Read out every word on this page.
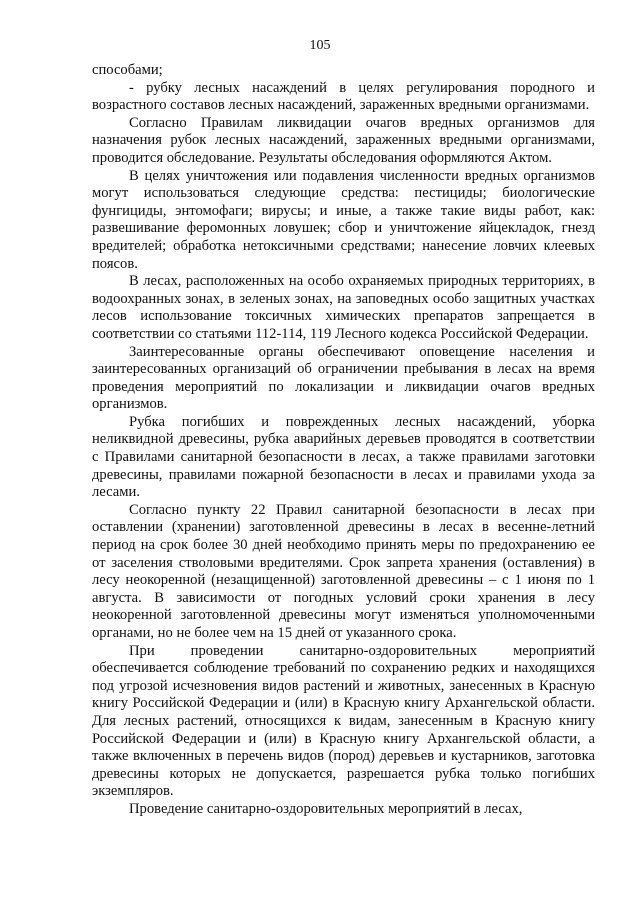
105

способами;

- рубку лесных насаждений в целях регулирования породного и возрастного составов лесных насаждений, зараженных вредными организмами.

Согласно Правилам ликвидации очагов вредных организмов для назначения рубок лесных насаждений, зараженных вредными организмами, проводится обследование. Результаты обследования оформляются Актом.

В целях уничтожения или подавления численности вредных организмов могут использоваться следующие средства: пестициды; биологические фунгициды, энтомофаги; вирусы; и иные, а также такие виды работ, как: развешивание феромонных ловушек; сбор и уничтожение яйцекладок, гнезд вредителей; обработка нетоксичными средствами; нанесение ловчих клеевых поясов.

В лесах, расположенных на особо охраняемых природных территориях, в водоохранных зонах, в зеленых зонах, на заповедных особо защитных участках лесов использование токсичных химических препаратов запрещается в соответствии со статьями 112-114, 119 Лесного кодекса Российской Федерации.

Заинтересованные органы обеспечивают оповещение населения и заинтересованных организаций об ограничении пребывания в лесах на время проведения мероприятий по локализации и ликвидации очагов вредных организмов.

Рубка погибших и поврежденных лесных насаждений, уборка неликвидной древесины, рубка аварийных деревьев проводятся в соответствии с Правилами санитарной безопасности в лесах, а также правилами заготовки древесины, правилами пожарной безопасности в лесах и правилами ухода за лесами.

Согласно пункту 22 Правил санитарной безопасности в лесах при оставлении (хранении) заготовленной древесины в лесах в весенне-летний период на срок более 30 дней необходимо принять меры по предохранению ее от заселения стволовыми вредителями. Срок запрета хранения (оставления) в лесу неокоренной (незащищенной) заготовленной древесины – с 1 июня по 1 августа. В зависимости от погодных условий сроки хранения в лесу неокоренной заготовленной древесины могут изменяться уполномоченными органами, но не более чем на 15 дней от указанного срока.

При проведении санитарно-оздоровительных мероприятий обеспечивается соблюдение требований по сохранению редких и находящихся под угрозой исчезновения видов растений и животных, занесенных в Красную книгу Российской Федерации и (или) в Красную книгу Архангельской области. Для лесных растений, относящихся к видам, занесенным в Красную книгу Российской Федерации и (или) в Красную книгу Архангельской области, а также включенных в перечень видов (пород) деревьев и кустарников, заготовка древесины которых не допускается, разрешается рубка только погибших экземпляров.

Проведение санитарно-оздоровительных мероприятий в лесах,
